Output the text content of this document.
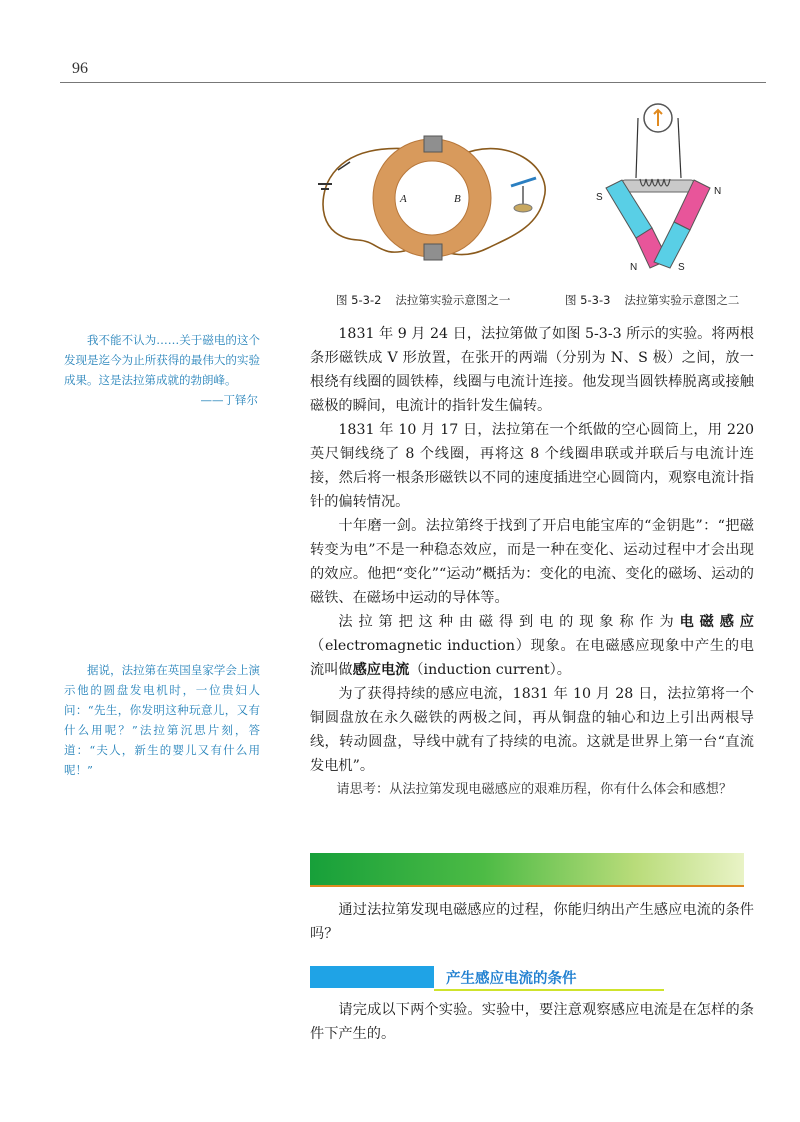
96
A	B	S
N
N	S
图 5-3-2 法拉第实验示意图之一	图 5-3-3 法拉第实验示意图之二

我不能不认为……关于磁电的这个发现是迄今为止所获得的最伟大的实验成果。这是法拉第成就的勃朗峰。

——丁铎尔

据说，法拉第在英国皇家学会上演示他的圆盘发电机时，一位贵妇人问：“先生，你发明这种玩意儿，又有什么用呢？”法拉第沉思片刻，答道：“夫人，新生的婴儿又有什么用呢！”

1831 年 9 月 24 日，法拉第做了如图 5-3-3 所示的实验。将两根条形磁铁成 V 形放置，在张开的两端（分别为 N、S 极）之间，放一根绕有线圈的圆铁棒，线圈与电流计连接。他发现当圆铁棒脱离或接触磁极的瞬间，电流计的指针发生偏转。

1831 年 10 月 17 日，法拉第在一个纸做的空心圆筒上，用 220 英尺铜线绕了 8 个线圈，再将这 8 个线圈串联或并联后与电流计连接，然后将一根条形磁铁以不同的速度插进空心圆筒内，观察电流计指针的偏转情况。

十年磨一剑。法拉第终于找到了开启电能宝库的“金钥匙”：“把磁转变为电”不是一种稳态效应，而是一种在变化、运动过程中才会出现的效应。他把“变化”“运动”概括为：变化的电流、变化的磁场、运动的磁铁、在磁场中运动的导体等。

法拉第把这种由磁得到电的现象称作为电磁感应（electromagnetic induction）现象。在电磁感应现象中产生的电流叫做感应电流（induction current）。

为了获得持续的感应电流，1831 年 10 月 28 日，法拉第将一个铜圆盘放在永久磁铁的两极之间，再从铜盘的轴心和边上引出两根导线，转动圆盘，导线中就有了持续的电流。这就是世界上第一台“直流发电机”。

请思考：从法拉第发现电磁感应的艰难历程，你有什么体会和感想？

通过法拉第发现电磁感应的过程，你能归纳出产生感应电流的条件吗？

产生感应电流的条件

请完成以下两个实验。实验中，要注意观察感应电流是在怎样的条件下产生的。
